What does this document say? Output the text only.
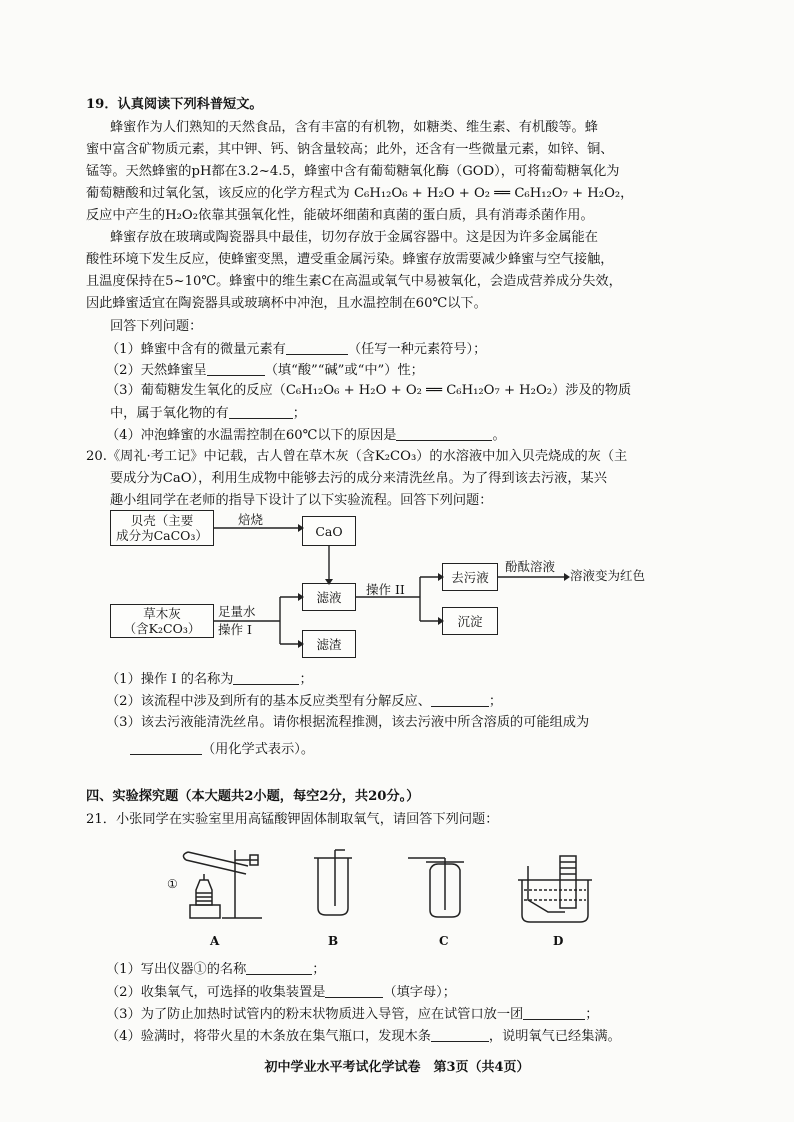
19．认真阅读下列科普短文。
蜂蜜作为人们熟知的天然食品，含有丰富的有机物，如糖类、维生素、有机酸等。蜂
蜜中富含矿物质元素，其中钾、钙、钠含量较高；此外，还含有一些微量元素，如锌、铜、
锰等。天然蜂蜜的pH都在3.2~4.5，蜂蜜中含有葡萄糖氧化酶（GOD），可将葡萄糖氧化为
葡萄糖酸和过氧化氢，该反应的化学方程式为 C₆H₁₂O₆ + H₂O + O₂ ══ C₆H₁₂O₇ + H₂O₂，
反应中产生的H₂O₂依靠其强氧化性，能破坏细菌和真菌的蛋白质，具有消毒杀菌作用。
蜂蜜存放在玻璃或陶瓷器具中最佳，切勿存放于金属容器中。这是因为许多金属能在
酸性环境下发生反应，使蜂蜜变黑，遭受重金属污染。蜂蜜存放需要减少蜂蜜与空气接触，
且温度保持在5~10℃。蜂蜜中的维生素C在高温或氧气中易被氧化，会造成营养成分失效，
因此蜂蜜适宜在陶瓷器具或玻璃杯中冲泡，且水温控制在60℃以下。
回答下列问题：
（1）蜂蜜中含有的微量元素有	（任写一种元素符号）；
（2）天然蜂蜜呈	（填“酸”“碱”或“中”）性；
（3）葡萄糖发生氧化的反应（C₆H₁₂O₆ + H₂O + O₂ ══ C₆H₁₂O₇ + H₂O₂）涉及的物质
中，属于氧化物的有	；
（4）冲泡蜂蜜的水温需控制在60℃以下的原因是	。
20.《周礼·考工记》中记载，古人曾在草木灰（含K₂CO₃）的水溶液中加入贝壳烧成的灰（主
要成分为CaO），利用生成物中能够去污的成分来清洗丝帛。为了得到该去污液，某兴
趣小组同学在老师的指导下设计了以下实验流程。回答下列问题：
贝壳（主要
成分为CaCO₃）
焙烧
CaO
草木灰
（含K₂CO₃）
足量水
操作 I
滤液
滤渣
操作 II
去污液
沉淀
酚酞溶液
溶液变为红色
（1）操作 I 的名称为	；
（2）该流程中涉及到所有的基本反应类型有分解反应、	；
（3）该去污液能清洗丝帛。请你根据流程推测，该去污液中所含溶质的可能组成为
（用化学式表示）。
四、实验探究题（本大题共2小题，每空2分，共20分。）
21．小张同学在实验室里用高锰酸钾固体制取氧气，请回答下列问题：
①
A	B	C	D
（1）写出仪器①的名称	；
（2）收集氧气，可选择的收集装置是	（填字母）；
（3）为了防止加热时试管内的粉末状物质进入导管，应在试管口放一团	；
（4）验满时，将带火星的木条放在集气瓶口，发现木条	，说明氧气已经集满。
初中学业水平考试化学试卷　第3页（共4页）
